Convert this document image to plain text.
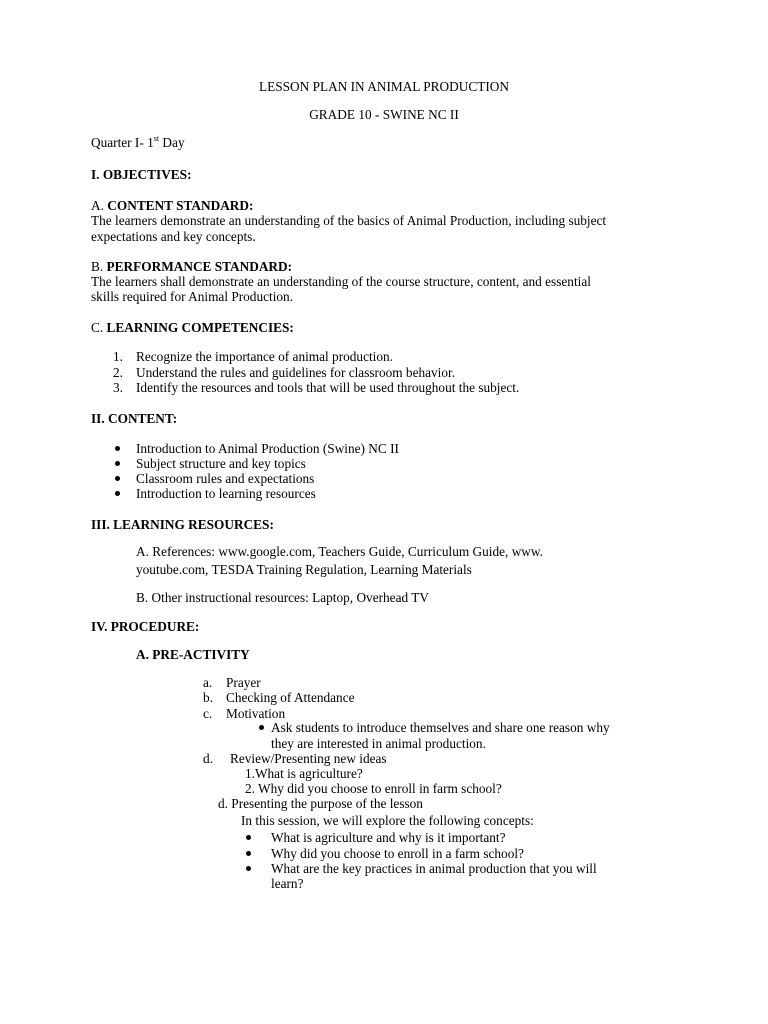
LESSON PLAN IN ANIMAL PRODUCTION
GRADE 10 - SWINE NC II
Quarter I- 1st Day
I. OBJECTIVES:
A. CONTENT STANDARD:
The learners demonstrate an understanding of the basics of Animal Production, including subject
expectations and key concepts.
B. PERFORMANCE STANDARD:
The learners shall demonstrate an understanding of the course structure, content, and essential
skills required for Animal Production.
C. LEARNING COMPETENCIES:
1. Recognize the importance of animal production.
2. Understand the rules and guidelines for classroom behavior.
3. Identify the resources and tools that will be used throughout the subject.
II. CONTENT:
Introduction to Animal Production (Swine) NC II
Subject structure and key topics
Classroom rules and expectations
Introduction to learning resources
III. LEARNING RESOURCES:
A. References: www.google.com, Teachers Guide, Curriculum Guide, www.
youtube.com, TESDA Training Regulation, Learning Materials
B. Other instructional resources: Laptop, Overhead TV
IV. PROCEDURE:
A. PRE-ACTIVITY
a. Prayer
b. Checking of Attendance
c. Motivation
Ask students to introduce themselves and share one reason why
they are interested in animal production.
d. Review/Presenting new ideas
1.What is agriculture?
2. Why did you choose to enroll in farm school?
d. Presenting the purpose of the lesson
In this session, we will explore the following concepts:
What is agriculture and why is it important?
Why did you choose to enroll in a farm school?
What are the key practices in animal production that you will
learn?
